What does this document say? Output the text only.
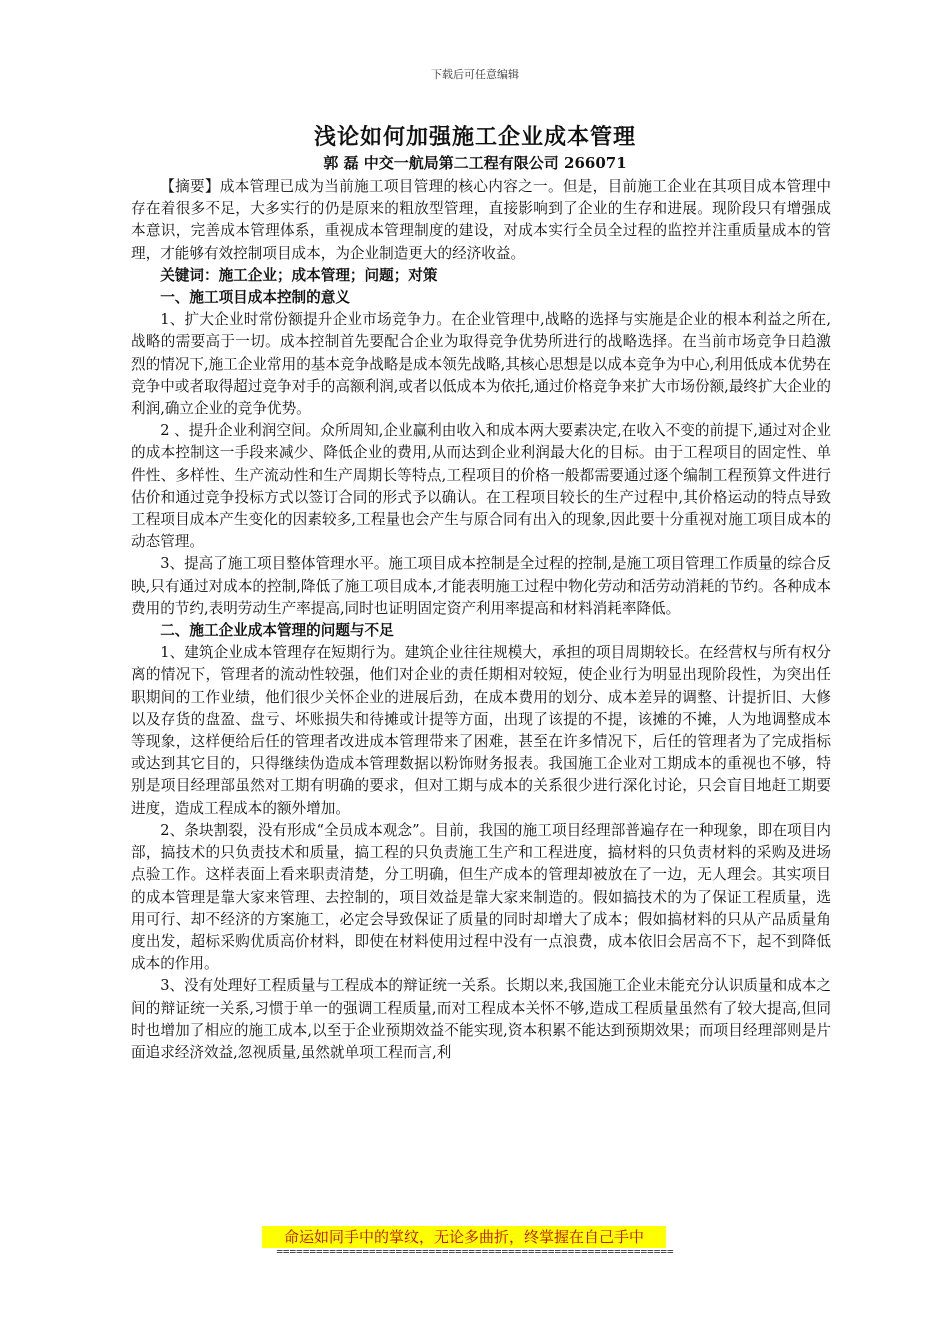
下载后可任意编辑
浅论如何加强施工企业成本管理
郭 磊 中交一航局第二工程有限公司 266071

【摘要】成本管理已成为当前施工项目管理的核心内容之一。但是，目前施工企业在其项目成本管理中存在着很多不足，大多实行的仍是原来的粗放型管理，直接影响到了企业的生存和进展。现阶段只有增强成本意识，完善成本管理体系，重视成本管理制度的建设，对成本实行全员全过程的监控并注重质量成本的管理，才能够有效控制项目成本，为企业制造更大的经济收益。

关键词：施工企业；成本管理；问题；对策

一、施工项目成本控制的意义

1、扩大企业时常份额提升企业市场竞争力。在企业管理中,战略的选择与实施是企业的根本利益之所在,战略的需要高于一切。成本控制首先要配合企业为取得竞争优势所进行的战略选择。在当前市场竞争日趋激烈的情况下,施工企业常用的基本竞争战略是成本领先战略,其核心思想是以成本竞争为中心,利用低成本优势在竞争中或者取得超过竞争对手的高额利润,或者以低成本为依托,通过价格竞争来扩大市场份额,最终扩大企业的利润,确立企业的竞争优势。

2 、提升企业利润空间。众所周知,企业赢利由收入和成本两大要素决定,在收入不变的前提下,通过对企业的成本控制这一手段来减少、降低企业的费用,从而达到企业利润最大化的目标。由于工程项目的固定性、单件性、多样性、生产流动性和生产周期长等特点,工程项目的价格一般都需要通过逐个编制工程预算文件进行估价和通过竞争投标方式以签订合同的形式予以确认。在工程项目较长的生产过程中,其价格运动的特点导致工程项目成本产生变化的因素较多,工程量也会产生与原合同有出入的现象,因此要十分重视对施工项目成本的动态管理。

3、提高了施工项目整体管理水平。施工项目成本控制是全过程的控制,是施工项目管理工作质量的综合反映,只有通过对成本的控制,降低了施工项目成本,才能表明施工过程中物化劳动和活劳动消耗的节约。各种成本费用的节约,表明劳动生产率提高,同时也证明固定资产利用率提高和材料消耗率降低。

二、施工企业成本管理的问题与不足

1、建筑企业成本管理存在短期行为。建筑企业往往规模大，承担的项目周期较长。在经营权与所有权分离的情况下，管理者的流动性较强，他们对企业的责任期相对较短，使企业行为明显出现阶段性，为突出任职期间的工作业绩，他们很少关怀企业的进展后劲，在成本费用的划分、成本差异的调整、计提折旧、大修以及存货的盘盈、盘亏、坏账损失和待摊或计提等方面，出现了该提的不提，该摊的不摊，人为地调整成本等现象，这样便给后任的管理者改进成本管理带来了困难，甚至在许多情况下，后任的管理者为了完成指标或达到其它目的，只得继续伪造成本管理数据以粉饰财务报表。我国施工企业对工期成本的重视也不够，特别是项目经理部虽然对工期有明确的要求，但对工期与成本的关系很少进行深化讨论，只会盲目地赶工期要进度，造成工程成本的额外增加。

2、条块割裂，没有形成“全员成本观念”。目前，我国的施工项目经理部普遍存在一种现象，即在项目内部，搞技术的只负责技术和质量，搞工程的只负责施工生产和工程进度，搞材料的只负责材料的采购及进场点验工作。这样表面上看来职责清楚，分工明确，但生产成本的管理却被放在了一边，无人理会。其实项目的成本管理是靠大家来管理、去控制的，项目效益是靠大家来制造的。假如搞技术的为了保证工程质量，选用可行、却不经济的方案施工，必定会导致保证了质量的同时却增大了成本；假如搞材料的只从产品质量角度出发，超标采购优质高价材料，即使在材料使用过程中没有一点浪费，成本依旧会居高不下，起不到降低成本的作用。

3、没有处理好工程质量与工程成本的辩证统一关系。长期以来,我国施工企业未能充分认识质量和成本之间的辩证统一关系,习惯于单一的强调工程质量,而对工程成本关怀不够,造成工程质量虽然有了较大提高,但同时也增加了相应的施工成本,以至于企业预期效益不能实现,资本积累不能达到预期效果；而项目经理部则是片面追求经济效益,忽视质量,虽然就单项工程而言,利

命运如同手中的掌纹，无论多曲折，终掌握在自己手中
============================================================
